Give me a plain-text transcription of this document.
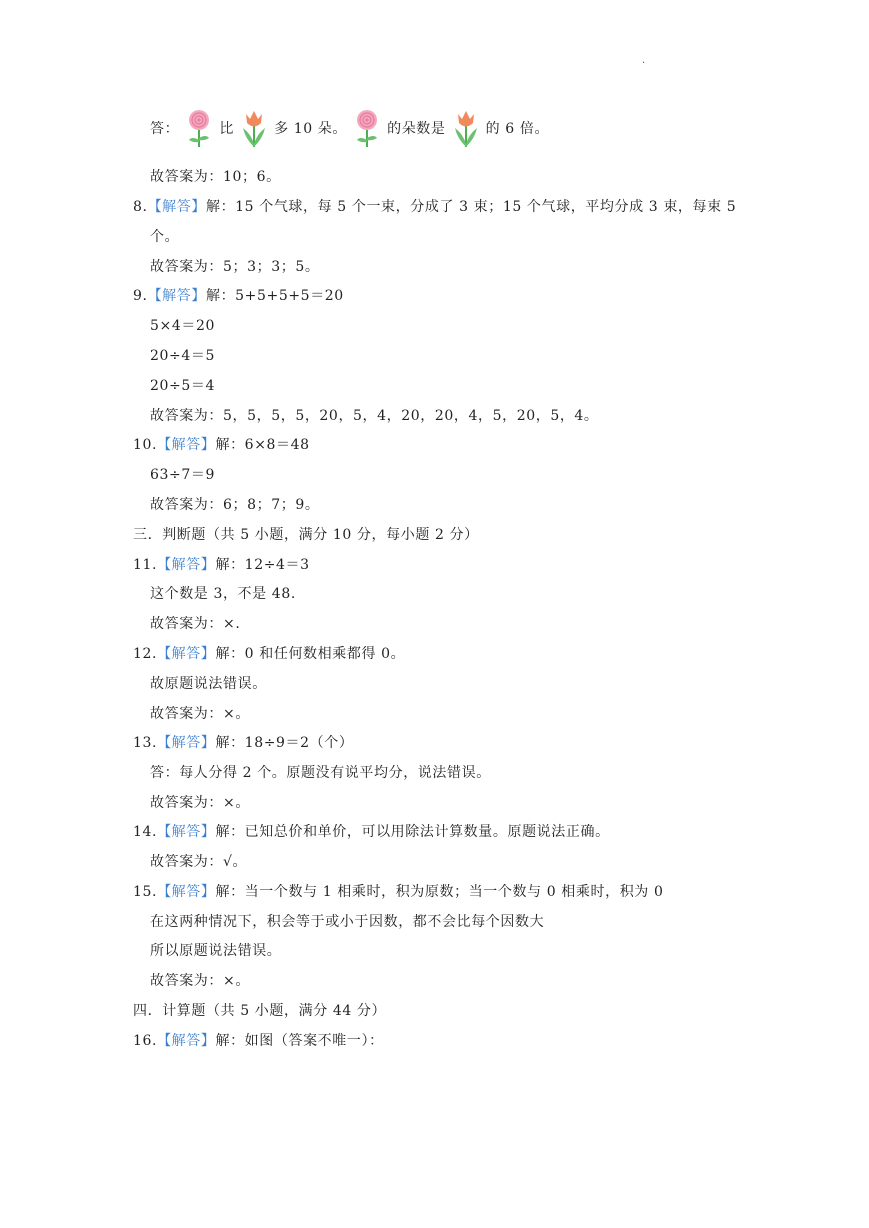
·
答：	比	多 10 朵。	的朵数是	的 6 倍。
故答案为：10；6。
8.【解答】解：15 个气球，每 5 个一束，分成了 3 束；15 个气球，平均分成 3 束，每束 5
个。
故答案为：5；3；3；5。
9.【解答】解：5+5+5+5＝20
5×4＝20
20÷4＝5
20÷5＝4
故答案为：5，5，5，5，20，5，4，20，20，4，5，20，5，4。
10.【解答】解：6×8＝48
63÷7＝9
故答案为：6；8；7；9。
三．判断题（共 5 小题，满分 10 分，每小题 2 分）
11.【解答】解：12÷4＝3
这个数是 3，不是 48.
故答案为：×.
12.【解答】解：0 和任何数相乘都得 0。
故原题说法错误。
故答案为：×。
13.【解答】解：18÷9＝2（个）
答：每人分得 2 个。原题没有说平均分，说法错误。
故答案为：×。
14.【解答】解：已知总价和单价，可以用除法计算数量。原题说法正确。
故答案为：√。
15.【解答】解：当一个数与 1 相乘时，积为原数；当一个数与 0 相乘时，积为 0
在这两种情况下，积会等于或小于因数，都不会比每个因数大
所以原题说法错误。
故答案为：×。
四．计算题（共 5 小题，满分 44 分）
16.【解答】解：如图（答案不唯一）：
